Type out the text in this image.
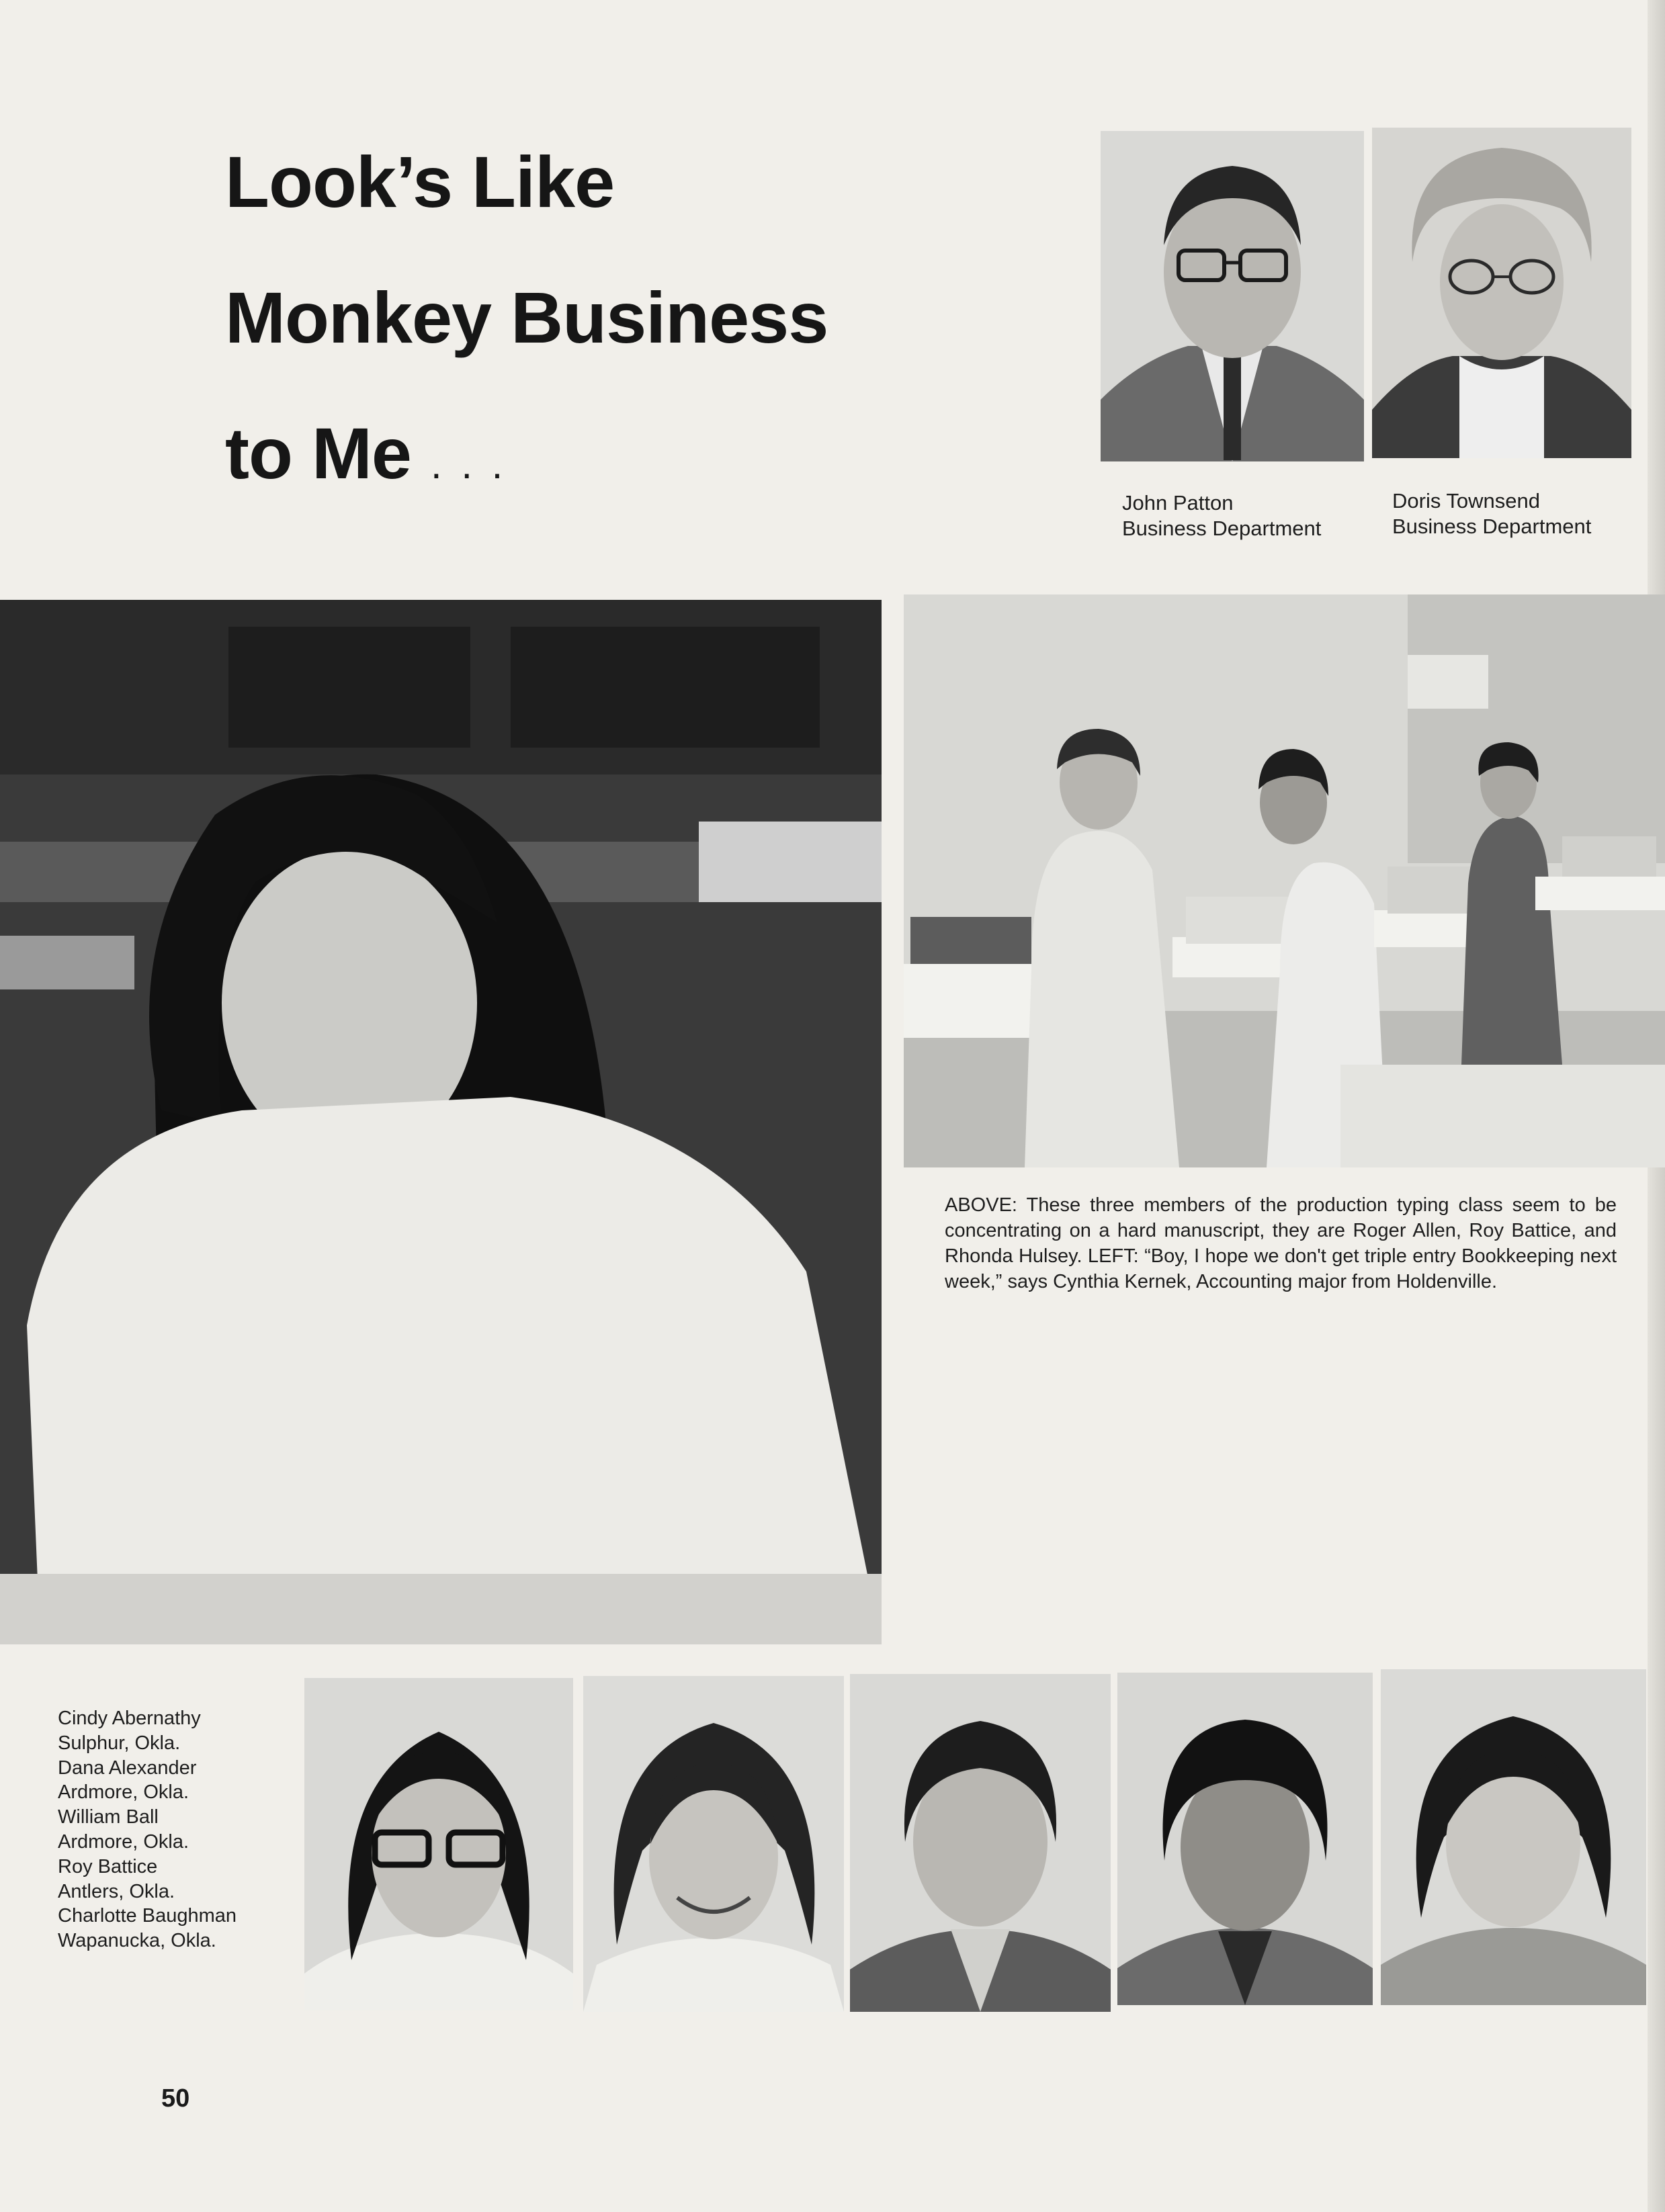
Look’s Like
Monkey Business
to Me . . .
John Patton
Business Department
Doris Townsend
Business Department
ABOVE: These three members of the production typing class seem to be concentrating on a hard manuscript, they are Roger Allen, Roy Battice, and Rhonda Hulsey. LEFT: “Boy, I hope we don't get triple entry Bookkeeping next week,” says Cynthia Kernek, Accounting major from Holdenville.
Cindy Abernathy
Sulphur, Okla.
Dana Alexander
Ardmore, Okla.
William Ball
Ardmore, Okla.
Roy Battice
Antlers, Okla.
Charlotte Baughman
Wapanucka, Okla.
50
